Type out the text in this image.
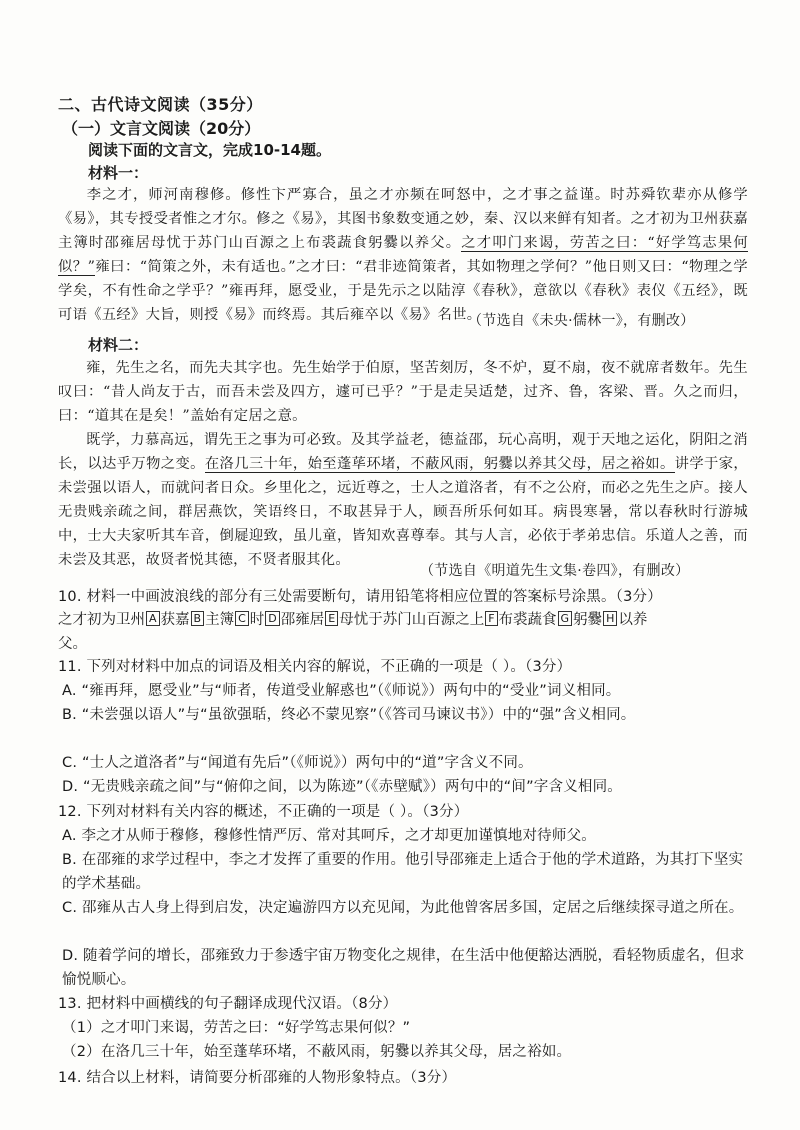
二、古代诗文阅读（35分）
（一）文言文阅读（20分）
阅读下面的文言文，完成10-14题。
材料一：
李之才，师河南穆修。修性卞严寡合，虽之才亦频在呵怒中，之才事之益谨。时苏舜钦辈亦从修学《易》，其专授受者惟之才尔。修之《易》，其图书象数变通之妙，秦、汉以来鲜有知者。之才初为卫州获嘉主簿时邵雍居母忧于苏门山百源之上布裘蔬食躬爨以养父。之才叩门来谒，劳苦之曰：“好学笃志果何似？”雍曰：“简策之外，未有适也。”之才曰：“君非迹简策者，其如物理之学何？”他日则又曰：“物理之学学矣，不有性命之学乎？”雍再拜，愿受业，于是先示之以陆淳《春秋》，意欲以《春秋》表仪《五经》，既可语《五经》大旨，则授《易》而终焉。其后雍卒以《易》名世。
（节选自《未央·儒林一》，有删改）
材料二：
雍，先生之名，而先夫其字也。先生始学于伯原，坚苦刻厉，冬不炉，夏不扇，夜不就席者数年。先生叹曰：“昔人尚友于古，而吾未尝及四方，遽可已乎？”于是走吴适楚，过齐、鲁，客梁、晋。久之而归，曰：“道其在是矣！”盖始有定居之意。
既学，力慕高远，谓先王之事为可必致。及其学益老，德益邵，玩心高明，观于天地之运化，阴阳之消长，以达乎万物之变。在洛几三十年，始至蓬荜环堵，不蔽风雨，躬爨以养其父母，居之裕如。讲学于家，未尝强以语人，而就问者日众。乡里化之，远近尊之，士人之道洛者，有不之公府，而必之先生之庐。接人无贵贱亲疏之间，群居燕饮，笑语终日，不取甚异于人，顾吾所乐何如耳。病畏寒暑，常以春秋时行游城中，士大夫家听其车音，倒屣迎致，虽儿童，皆知欢喜尊奉。其与人言，必依于孝弟忠信。乐道人之善，而未尝及其恶，故贤者悦其德，不贤者服其化。
（节选自《明道先生文集·卷四》，有删改）
10. 材料一中画波浪线的部分有三处需要断句，请用铅笔将相应位置的答案标号涂黑。（3分）
之才初为卫州 A 获嘉 B 主簿 C 时 D 邵雍居 E 母忧于苏门山百源之上 F 布裘蔬食 G 躬爨 H 以养
父。
11. 下列对材料中加点的词语及相关内容的解说，不正确的一项是（ ）。（3分）
A. “雍再拜，愿受业”与“师者，传道受业解惑也”（《师说》）两句中的“受业”词义相同。
B. “未尝强以语人”与“虽欲强聒，终必不蒙见察”（《答司马谏议书》）中的“强”含义相同。
C. “士人之道洛者”与“闻道有先后”（《师说》）两句中的“道”字含义不同。
D. “无贵贱亲疏之间”与“俯仰之间，以为陈迹”（《赤壁赋》）两句中的“间”字含义相同。
12. 下列对材料有关内容的概述，不正确的一项是（ ）。（3分）
A. 李之才从师于穆修，穆修性情严厉、常对其呵斥，之才却更加谨慎地对待师父。
B. 在邵雍的求学过程中，李之才发挥了重要的作用。他引导邵雍走上适合于他的学术道路，为其打下坚实的学术基础。
C. 邵雍从古人身上得到启发，决定遍游四方以充见闻，为此他曾客居多国，定居之后继续探寻道之所在。
D. 随着学问的增长，邵雍致力于参透宇宙万物变化之规律，在生活中他便豁达洒脱，看轻物质虚名，但求愉悦顺心。
13. 把材料中画横线的句子翻译成现代汉语。（8分）
（1）之才叩门来谒，劳苦之曰：“好学笃志果何似？”
（2）在洛几三十年，始至蓬荜环堵，不蔽风雨，躬爨以养其父母，居之裕如。
14. 结合以上材料，请简要分析邵雍的人物形象特点。（3分）
